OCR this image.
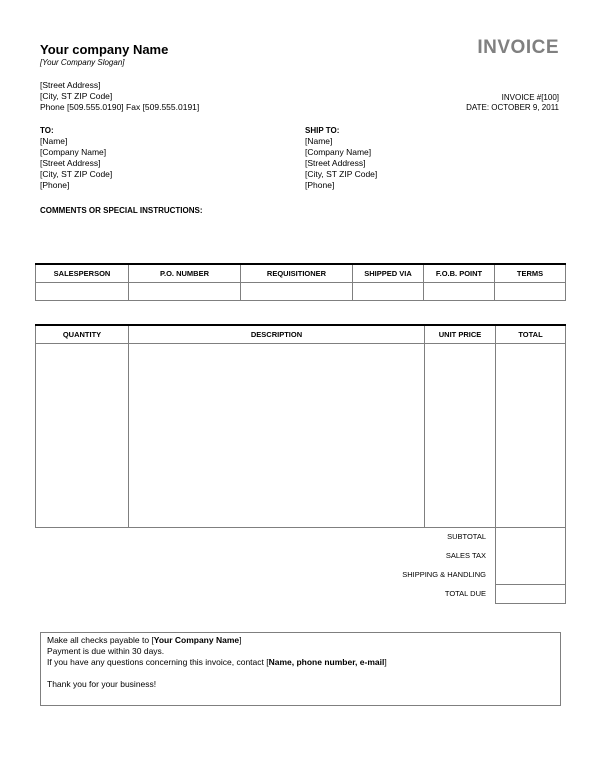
Your company Name
[Your Company Slogan]
[Street Address]
[City, ST ZIP Code]
Phone [509.555.0190] Fax [509.555.0191]
INVOICE
INVOICE #[100]
DATE: OCTOBER 9, 2011
TO:
[Name]
[Company Name]
[Street Address]
[City, ST ZIP Code]
[Phone]
SHIP TO:
[Name]
[Company Name]
[Street Address]
[City, ST ZIP Code]
[Phone]
COMMENTS OR SPECIAL INSTRUCTIONS:
SALESPERSON	P.O. NUMBER	REQUISITIONER	SHIPPED VIA	F.O.B. POINT	TERMS

QUANTITY	DESCRIPTION	UNIT PRICE	TOTAL

SUBTOTAL
SALES TAX
SHIPPING & HANDLING
TOTAL DUE
Make all checks payable to [Your Company Name]
Payment is due within 30 days.
If you have any questions concerning this invoice, contact [Name, phone number, e-mail]
Thank you for your business!
